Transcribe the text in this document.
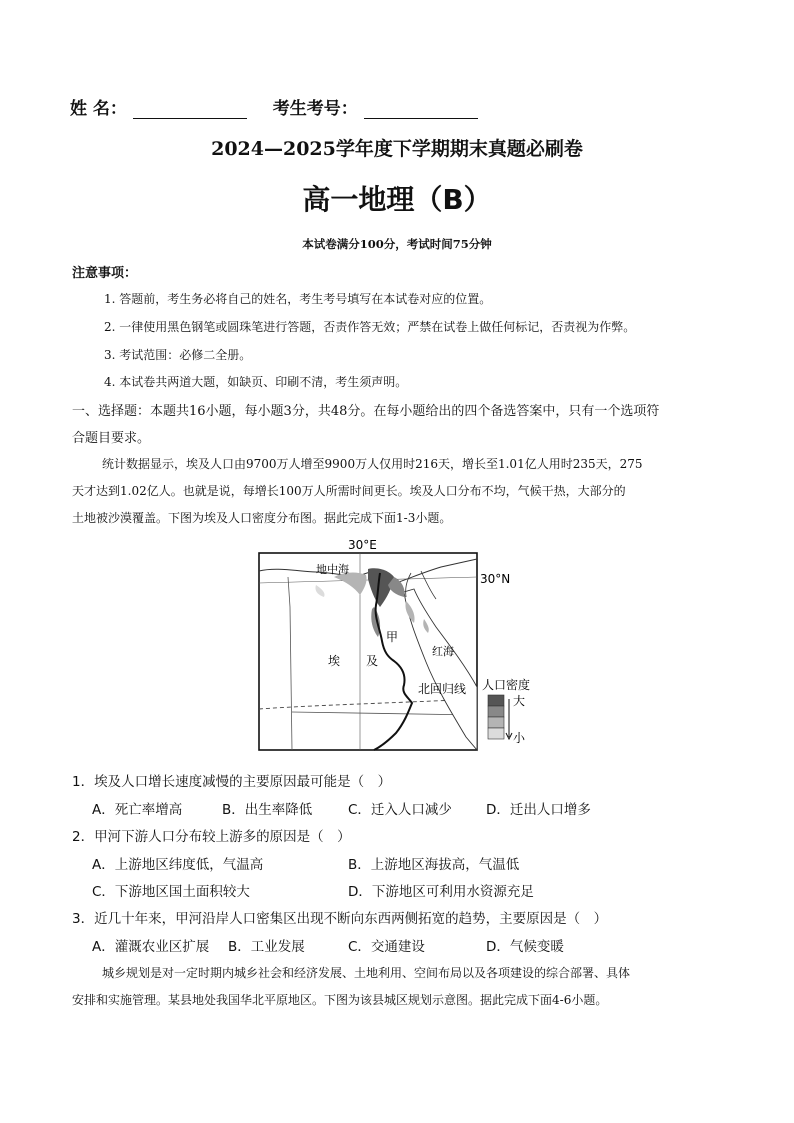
姓 名：	考生考号：
2024—2025学年度下学期期末真题必刷卷
高一地理（B）
本试卷满分100分，考试时间75分钟
注意事项：
1. 答题前，考生务必将自己的姓名，考生考号填写在本试卷对应的位置。
2. 一律使用黑色钢笔或圆珠笔进行答题，否责作答无效；严禁在试卷上做任何标记，否责视为作弊。
3. 考试范围：必修二全册。
4. 本试卷共两道大题，如缺页、印刷不清，考生须声明。
一、选择题：本题共16小题，每小题3分，共48分。在每小题给出的四个备选答案中，只有一个选项符
合题目要求。
统计数据显示，埃及人口由9700万人增至9900万人仅用时216天，增长至1.01亿人用时235天，275
天才达到1.02亿人。也就是说，每增长100万人所需时间更长。埃及人口分布不均，气候干热，大部分的
土地被沙漠覆盖。下图为埃及人口密度分布图。据此完成下面1-3小题。
30°E
30°N
地中海
红海
甲
埃 及
北回归线 人口密度
大
小
1．埃及人口增长速度减慢的主要原因最可能是（　）
A．死亡率增高	B．出生率降低	C．迁入人口减少	D．迁出人口增多
2．甲河下游人口分布较上游多的原因是（　）
A．上游地区纬度低，气温高	B．上游地区海拔高，气温低
C．下游地区国土面积较大	D．下游地区可利用水资源充足
3．近几十年来，甲河沿岸人口密集区出现不断向东西两侧拓宽的趋势，主要原因是（　）
A．灌溉农业区扩展 B．工业发展	C．交通建设	D．气候变暖
城乡规划是对一定时期内城乡社会和经济发展、土地利用、空间布局以及各项建设的综合部署、具体
安排和实施管理。某县地处我国华北平原地区。下图为该县城区规划示意图。据此完成下面4-6小题。
